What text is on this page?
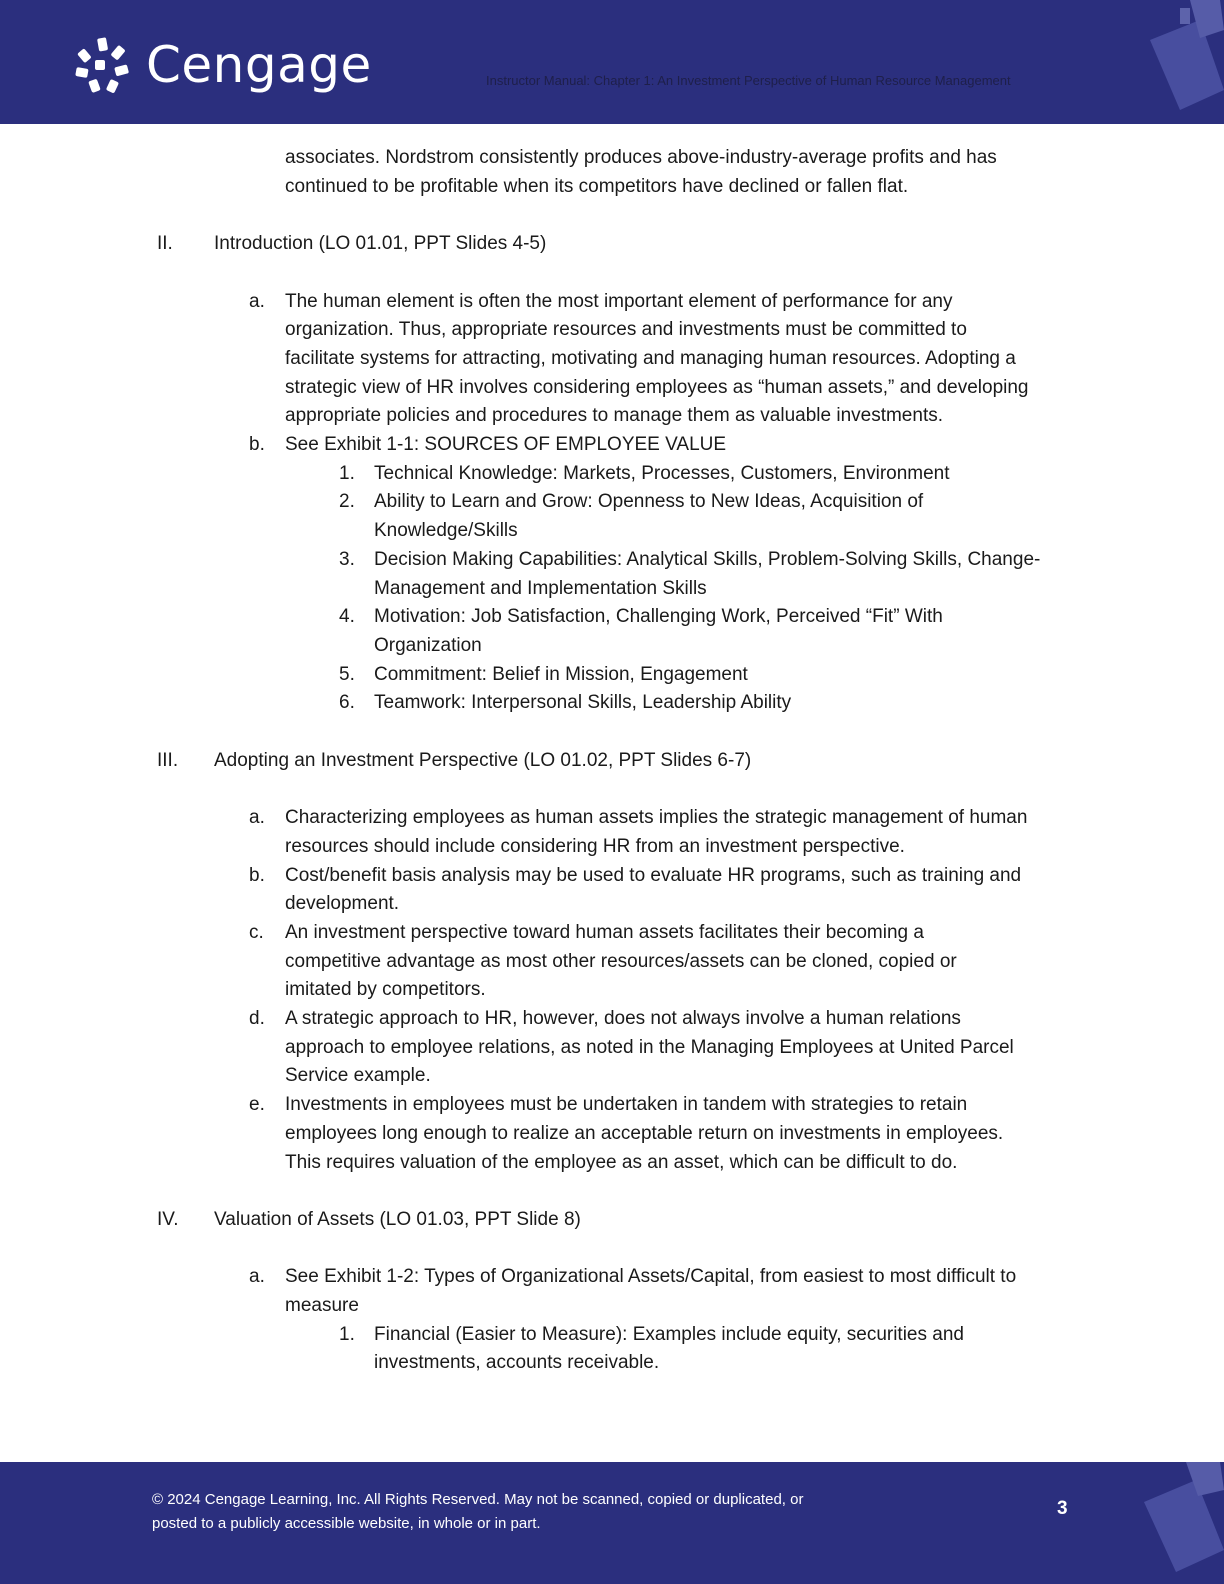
Cengage	Instructor Manual: Chapter 1: An Investment Perspective of Human Resource Management
associates. Nordstrom consistently produces above-industry-average profits and has
continued to be profitable when its competitors have declined or fallen flat.
II.	Introduction (LO 01.01, PPT Slides 4-5)
a. The human element is often the most important element of performance for any
organization. Thus, appropriate resources and investments must be committed to
facilitate systems for attracting, motivating and managing human resources. Adopting a
strategic view of HR involves considering employees as “human assets,” and developing
appropriate policies and procedures to manage them as valuable investments.
b. See Exhibit 1-1: SOURCES OF EMPLOYEE VALUE
1. Technical Knowledge: Markets, Processes, Customers, Environment
2. Ability to Learn and Grow: Openness to New Ideas, Acquisition of
Knowledge/Skills
3. Decision Making Capabilities: Analytical Skills, Problem-Solving Skills, Change-
Management and Implementation Skills
4. Motivation: Job Satisfaction, Challenging Work, Perceived “Fit” With
Organization
5. Commitment: Belief in Mission, Engagement
6. Teamwork: Interpersonal Skills, Leadership Ability
III.	Adopting an Investment Perspective (LO 01.02, PPT Slides 6-7)
a. Characterizing employees as human assets implies the strategic management of human
resources should include considering HR from an investment perspective.
b. Cost/benefit basis analysis may be used to evaluate HR programs, such as training and
development.
c. An investment perspective toward human assets facilitates their becoming a
competitive advantage as most other resources/assets can be cloned, copied or
imitated by competitors.
d. A strategic approach to HR, however, does not always involve a human relations
approach to employee relations, as noted in the Managing Employees at United Parcel
Service example.
e. Investments in employees must be undertaken in tandem with strategies to retain
employees long enough to realize an acceptable return on investments in employees.
This requires valuation of the employee as an asset, which can be difficult to do.
IV.	Valuation of Assets (LO 01.03, PPT Slide 8)
a. See Exhibit 1-2: Types of Organizational Assets/Capital, from easiest to most difficult to
measure
1. Financial (Easier to Measure): Examples include equity, securities and
investments, accounts receivable.
© 2024 Cengage Learning, Inc. All Rights Reserved. May not be scanned, copied or duplicated, or
posted to a publicly accessible website, in whole or in part.
3
